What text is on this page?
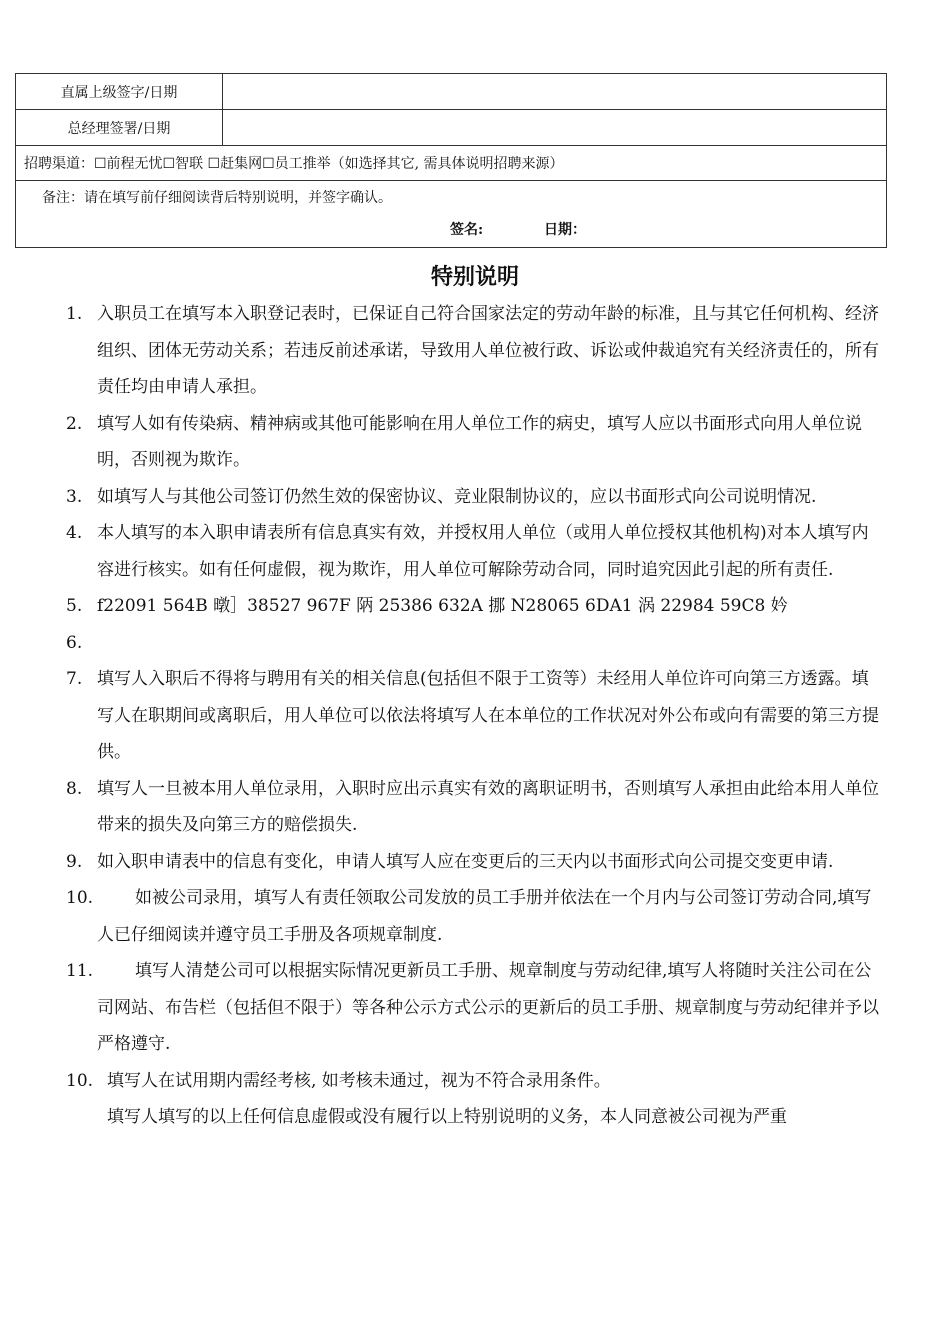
直属上级签字/日期	
总经理签署/日期	
招聘渠道：☐前程无忧☐智联 ☐赶集网☐员工推举（如选择其它, 需具体说明招聘来源）	

备注：请在填写前仔细阅读背后特别说明，并签字确认。
签名: 日期：	
特别说明
1. 入职员工在填写本入职登记表时，已保证自己符合国家法定的劳动年龄的标准，且与其它任何机构、经济组织、团体无劳动关系；若违反前述承诺，导致用人单位被行政、诉讼或仲裁追究有关经济责任的，所有责任均由申请人承担。
2. 填写人如有传染病、精神病或其他可能影响在用人单位工作的病史，填写人应以书面形式向用人单位说明，否则视为欺诈。
3. 如填写人与其他公司签订仍然生效的保密协议、竞业限制协议的，应以书面形式向公司说明情况.
4. 本人填写的本入职申请表所有信息真实有效，并授权用人单位（或用人单位授权其他机构)对本人填写内容进行核实。如有任何虚假，视为欺诈，用人单位可解除劳动合同，同时追究因此引起的所有责任.
5. f22091 564B 暾］38527 967F 陃 25386 632A 挪 N28065 6DA1 涡 22984 59C8 妗
6.

7. 填写人入职后不得将与聘用有关的相关信息(包括但不限于工资等）未经用人单位许可向第三方透露。填写人在职期间或离职后，用人单位可以依法将填写人在本单位的工作状况对外公布或向有需要的第三方提供。
8. 填写人一旦被本用人单位录用，入职时应出示真实有效的离职证明书，否则填写人承担由此给本用人单位带来的损失及向第三方的赔偿损失.
9. 如入职申请表中的信息有变化，申请人填写人应在变更后的三天内以书面形式向公司提交变更申请.
10. 如被公司录用，填写人有责任领取公司发放的员工手册并依法在一个月内与公司签订劳动合同,填写人已仔细阅读并遵守员工手册及各项规章制度.
11. 填写人清楚公司可以根据实际情况更新员工手册、规章制度与劳动纪律,填写人将随时关注公司在公司网站、布告栏（包括但不限于）等各种公示方式公示的更新后的员工手册、规章制度与劳动纪律并予以严格遵守.
10. 填写人在试用期内需经考核, 如考核未通过，视为不符合录用条件。
填写人填写的以上任何信息虚假或没有履行以上特别说明的义务，本人同意被公司视为严重
